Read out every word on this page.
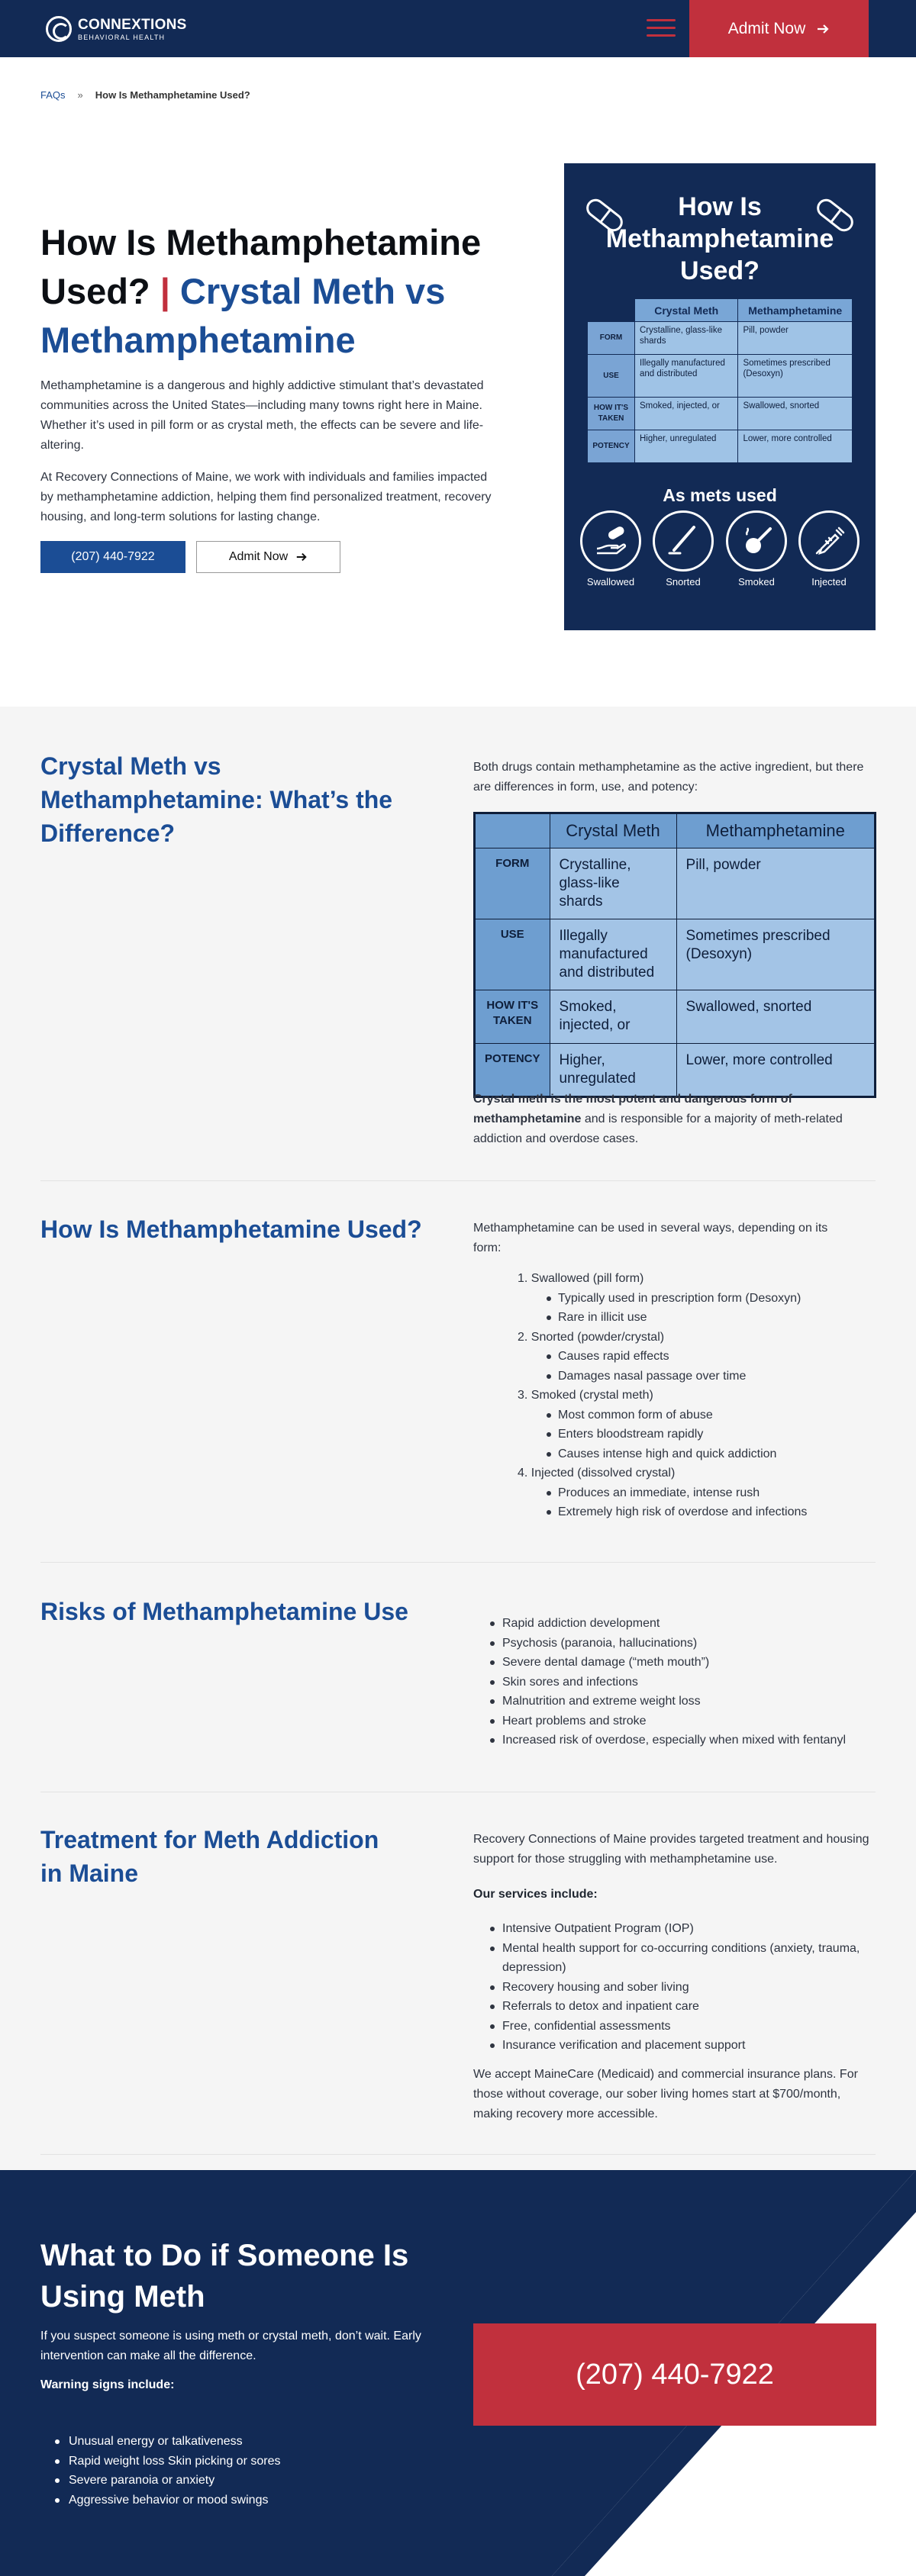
CONNEXTIONS
BEHAVIORAL HEALTH	Admit Now
FAQs » How Is Methamphetamine Used?
How Is Methamphetamine Used? | Crystal Meth vs Methamphetamine

Methamphetamine is a dangerous and highly addictive stimulant that’s devastated communities across the United States—including many towns right here in Maine. Whether it’s used in pill form or as crystal meth, the effects can be severe and life-altering.

At Recovery Connections of Maine, we work with individuals and families impacted by methamphetamine addiction, helping them find personalized treatment, recovery housing, and long-term solutions for lasting change.

(207) 440-7922	Admit Now
How Is Methamphetamine Used?
	Crystal Meth	Methamphetamine
FORM	Crystalline, glass-like shards	Pill, powder
USE	Illegally manufactured and distributed	Sometimes prescribed (Desoxyn)
HOW IT'S TAKEN	Smoked, injected, or	Swallowed, snorted
POTENCY	Higher, unregulated	Lower, more controlled
As mets used
Swallowed	Snorted	Smoked	Injected
Crystal Meth vs Methamphetamine: What’s the Difference?

Both drugs contain methamphetamine as the active ingredient, but there are differences in form, use, and potency:

	Crystal Meth	Methamphetamine
FORM	Crystalline, glass-like shards	Pill, powder
USE	Illegally manufactured and distributed	Sometimes prescribed (Desoxyn)
HOW IT'S TAKEN	Smoked, injected, or	Swallowed, snorted
POTENCY	Higher, unregulated	Lower, more controlled

Crystal meth is the most potent and dangerous form of methamphetamine and is responsible for a majority of meth-related addiction and overdose cases.

How Is Methamphetamine Used?	Methamphetamine can be used in several ways, depending on its form:

1. Swallowed (pill form)
Typically used in prescription form (Desoxyn)
Rare in illicit use
2. Snorted (powder/crystal)
Causes rapid effects
Damages nasal passage over time
3. Smoked (crystal meth)
Most common form of abuse
Enters bloodstream rapidly
Causes intense high and quick addiction
4. Injected (dissolved crystal)
Produces an immediate, intense rush
Extremely high risk of overdose and infections
Risks of Methamphetamine Use	Rapid addiction development
Psychosis (paranoia, hallucinations)
Severe dental damage (“meth mouth”)
Skin sores and infections
Malnutrition and extreme weight loss
Heart problems and stroke
Increased risk of overdose, especially when mixed with fentanyl
Treatment for Meth Addiction in Maine

Recovery Connections of Maine provides targeted treatment and housing support for those struggling with methamphetamine use.

Our services include:

Intensive Outpatient Program (IOP)
Mental health support for co-occurring conditions (anxiety, trauma, depression)
Recovery housing and sober living
Referrals to detox and inpatient care
Free, confidential assessments
Insurance verification and placement support

We accept MaineCare (Medicaid) and commercial insurance plans. For those without coverage, our sober living homes start at $700/month, making recovery more accessible.

What to Do if Someone Is Using Meth

If you suspect someone is using meth or crystal meth, don’t wait. Early intervention can make all the difference.

Warning signs include:

Unusual energy or talkativeness
Rapid weight loss Skin picking or sores
Severe paranoia or anxiety
Aggressive behavior or mood swings
(207) 440-7922
